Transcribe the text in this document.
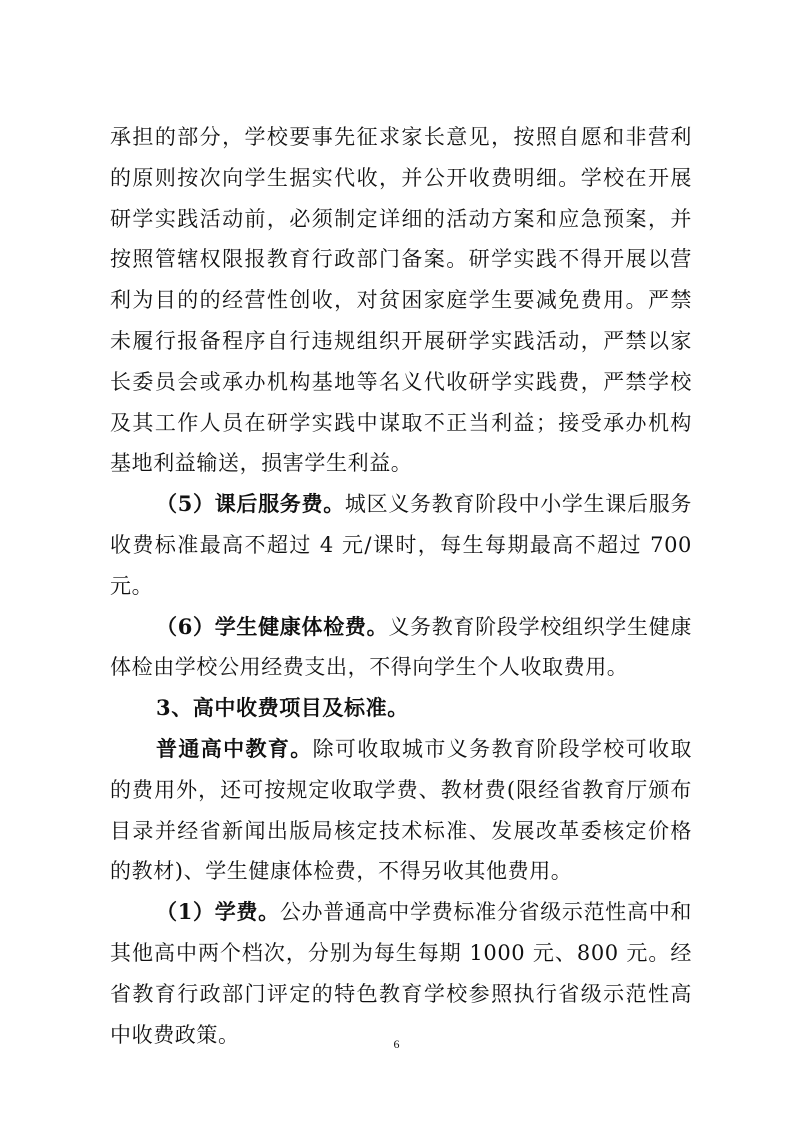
承担的部分，学校要事先征求家长意见，按照自愿和非营利的原则按次向学生据实代收，并公开收费明细。学校在开展研学实践活动前，必须制定详细的活动方案和应急预案，并按照管辖权限报教育行政部门备案。研学实践不得开展以营利为目的的经营性创收，对贫困家庭学生要减免费用。严禁未履行报备程序自行违规组织开展研学实践活动，严禁以家长委员会或承办机构基地等名义代收研学实践费，严禁学校及其工作人员在研学实践中谋取不正当利益；接受承办机构基地利益输送，损害学生利益。

（5）课后服务费。城区义务教育阶段中小学生课后服务收费标准最高不超过 4 元/课时，每生每期最高不超过 700 元。

（6）学生健康体检费。义务教育阶段学校组织学生健康体检由学校公用经费支出，不得向学生个人收取费用。

3、高中收费项目及标准。

普通高中教育。除可收取城市义务教育阶段学校可收取的费用外，还可按规定收取学费、教材费(限经省教育厅颁布目录并经省新闻出版局核定技术标准、发展改革委核定价格的教材)、学生健康体检费，不得另收其他费用。

（1）学费。公办普通高中学费标准分省级示范性高中和其他高中两个档次，分别为每生每期 1000 元、800 元。经省教育行政部门评定的特色教育学校参照执行省级示范性高中收费政策。	6
